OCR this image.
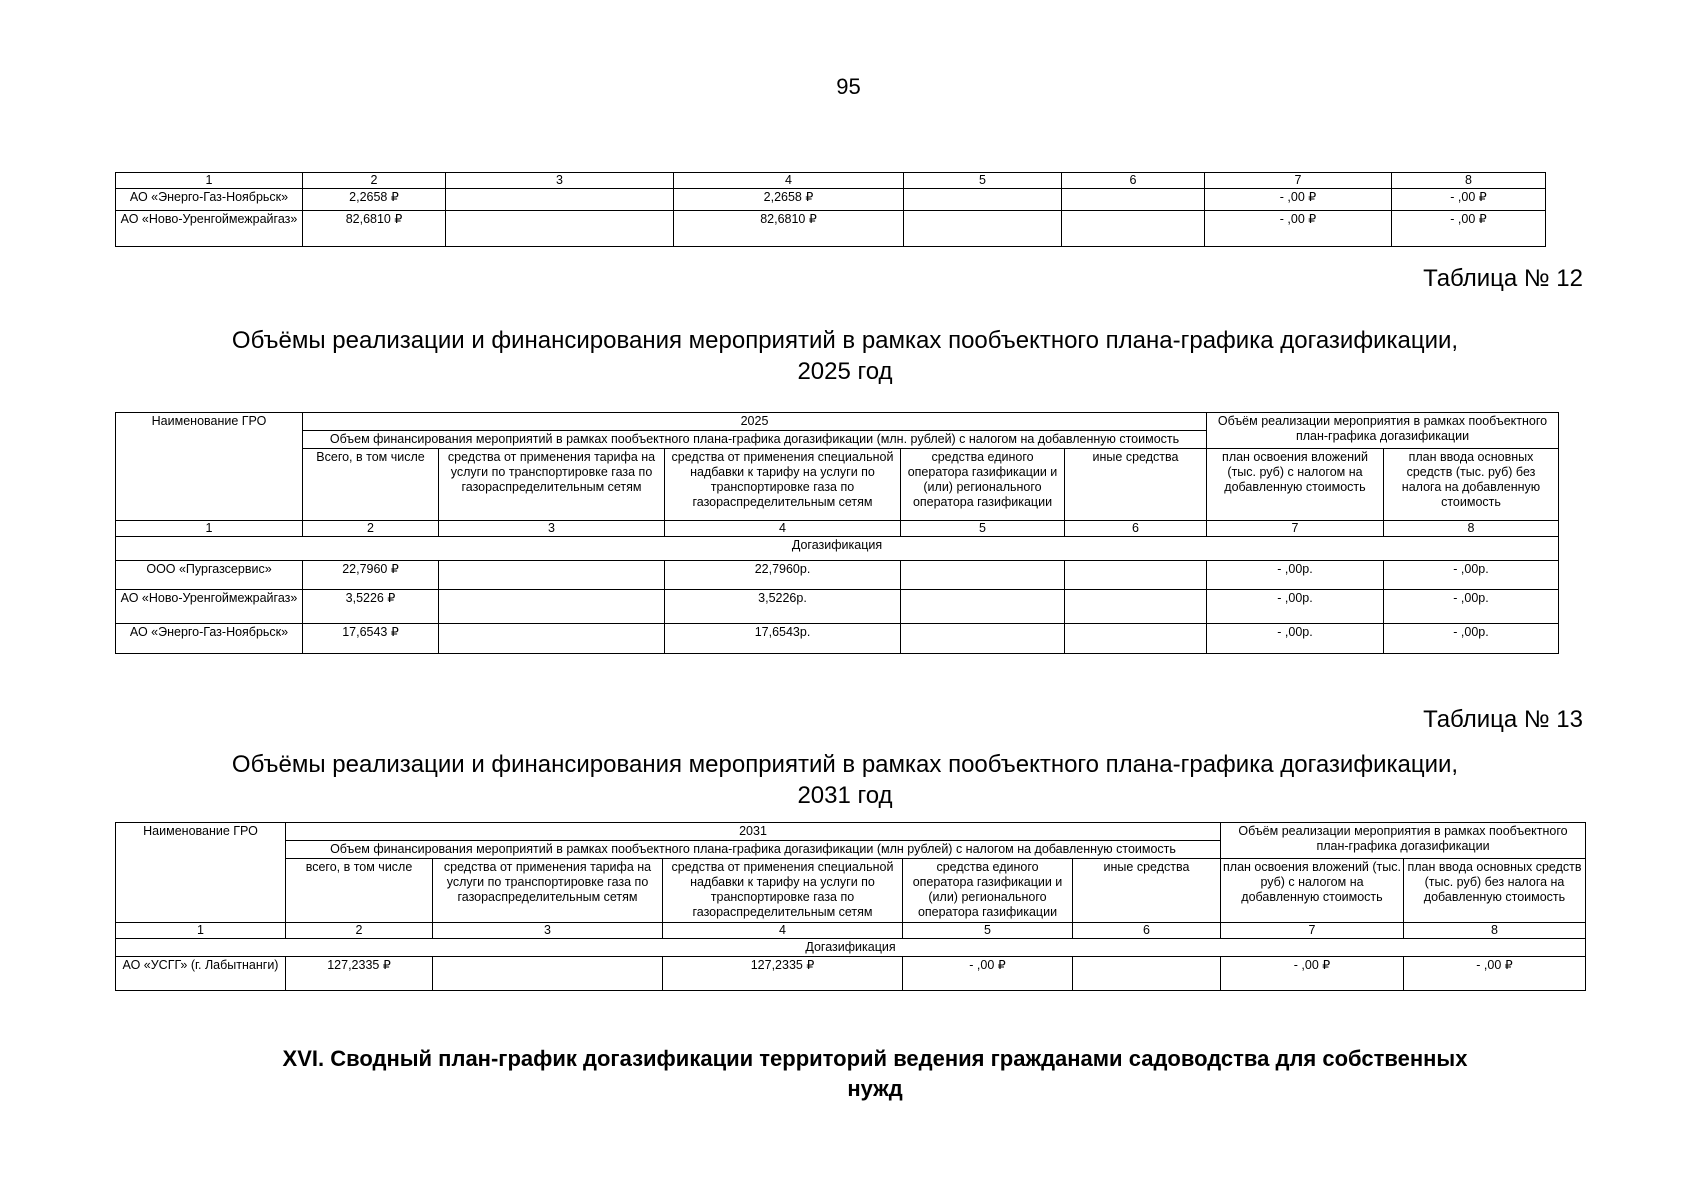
95
1	2	3	4	5	6	7	8
АО «Энерго-Газ-Ноябрьск»	2,2658 ₽		2,2658 ₽			- ,00 ₽	- ,00 ₽
АО «Ново-Уренгоймежрайгаз»	82,6810 ₽		82,6810 ₽			- ,00 ₽	- ,00 ₽
Таблица № 12
Объёмы реализации и финансирования мероприятий в рамках пообъектного плана-графика догазификации,
2025 год
Наименование ГРО	2025					Объём реализации мероприятия в рамках пообъектного план-графика догазификации	
	Объем финансирования мероприятий в рамках пообъектного плана-графика догазификации (млн. рублей) с налогом на добавленную стоимость						
	Всего, в том числе	средства от применения тарифа на услуги по транспортировке газа по газораспределительным сетям	средства от применения специальной надбавки к тарифу на услуги по транспортировке газа по газораспределительным сетям	средства единого оператора газификации и (или) регионального оператора газификации	иные средства	план освоения вложений (тыс. руб) с налогом на добавленную стоимость	план ввода основных средств (тыс. руб) без налога на добавленную стоимость
1	2	3	4	5	6	7	8
Догазификация							
ООО «Пургазсервис»	22,7960 ₽		22,7960р.			- ,00р.	- ,00р.
АО «Ново-Уренгоймежрайгаз»	3,5226 ₽		3,5226р.			- ,00р.	- ,00р.
АО «Энерго-Газ-Ноябрьск»	17,6543 ₽		17,6543р.			- ,00р.	- ,00р.
Таблица № 13
Объёмы реализации и финансирования мероприятий в рамках пообъектного плана-графика догазификации,
2031 год
Наименование ГРО	2031					Объём реализации мероприятия в рамках пообъектного план-графика догазификации	
	Объем финансирования мероприятий в рамках пообъектного плана-графика догазификации (млн рублей) с налогом на добавленную стоимость						
	всего, в том числе	средства от применения тарифа на услуги по транспортировке газа по газораспределительным сетям	средства от применения специальной надбавки к тарифу на услуги по транспортировке газа по газораспределительным сетям	средства единого оператора газификации и (или) регионального оператора газификации	иные средства	план освоения вложений (тыс. руб) с налогом на добавленную стоимость	план ввода основных средств (тыс. руб) без налога на добавленную стоимость
1	2	3	4	5	6	7	8
Догазификация							
АО «УСГГ» (г. Лабытнанги)	127,2335 ₽		127,2335 ₽	- ,00 ₽		- ,00 ₽	- ,00 ₽
XVI. Сводный план-график догазификации территорий ведения гражданами садоводства для собственных
нужд
